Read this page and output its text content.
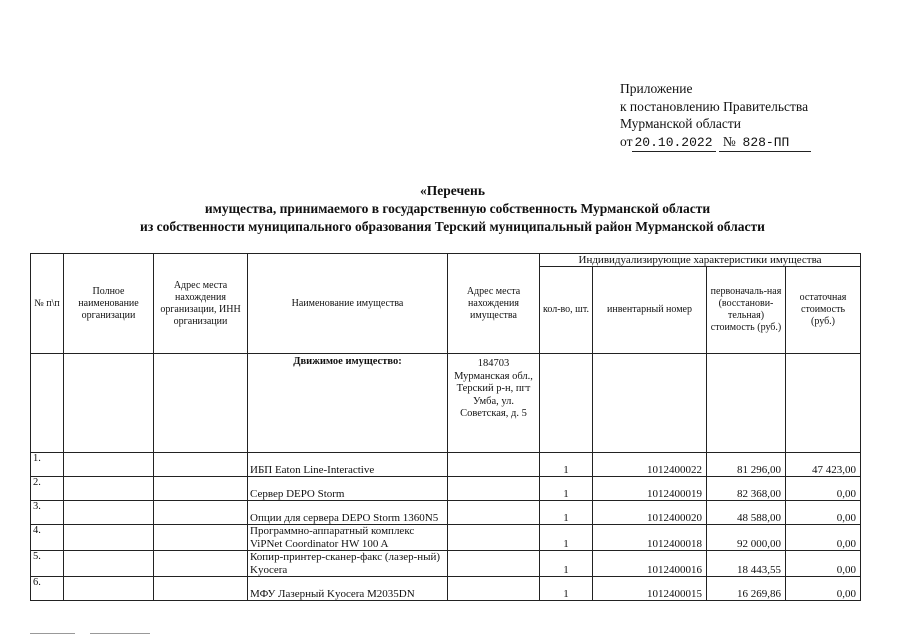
Приложение
к постановлению Правительства
Мурманской области
от 20.10.2022 № 828-ПП
«Перечень
имущества, принимаемого в государственную собственность Мурманской области
из собственности муниципального образования Терский муниципальный район Мурманской области
№ п\п	Полное наименование организации	Адрес места нахождения организации, ИНН организации	Наименование имущества	Адрес места нахождения имущества	Индивидуализирующие характеристики имущества			
					кол-во, шт.	инвентарный номер	первоначаль-ная (восстанови-тельная) стоимость (руб.)	остаточная стоимость (руб.)
			Движимое имущество:	184703 Мурманская обл., Терский р-н, пгт Умба, ул. Советская, д. 5				
1.			ИБП Eaton Line-Interactive		1	1012400022	81 296,00	47 423,00
2.			Сервер DEPO Storm		1	1012400019	82 368,00	0,00
3.			Опции для сервера DEPO Storm 1360N5		1	1012400020	48 588,00	0,00
4.			Программно-аппаратный комплекс ViPNet Coordinator HW 100 A		1	1012400018	92 000,00	0,00
5.			Копир-принтер-сканер-факс (лазер-ный) Kyocera		1	1012400016	18 443,55	0,00
6.			МФУ Лазерный Kyocera M2035DN		1	1012400015	16 269,86	0,00
